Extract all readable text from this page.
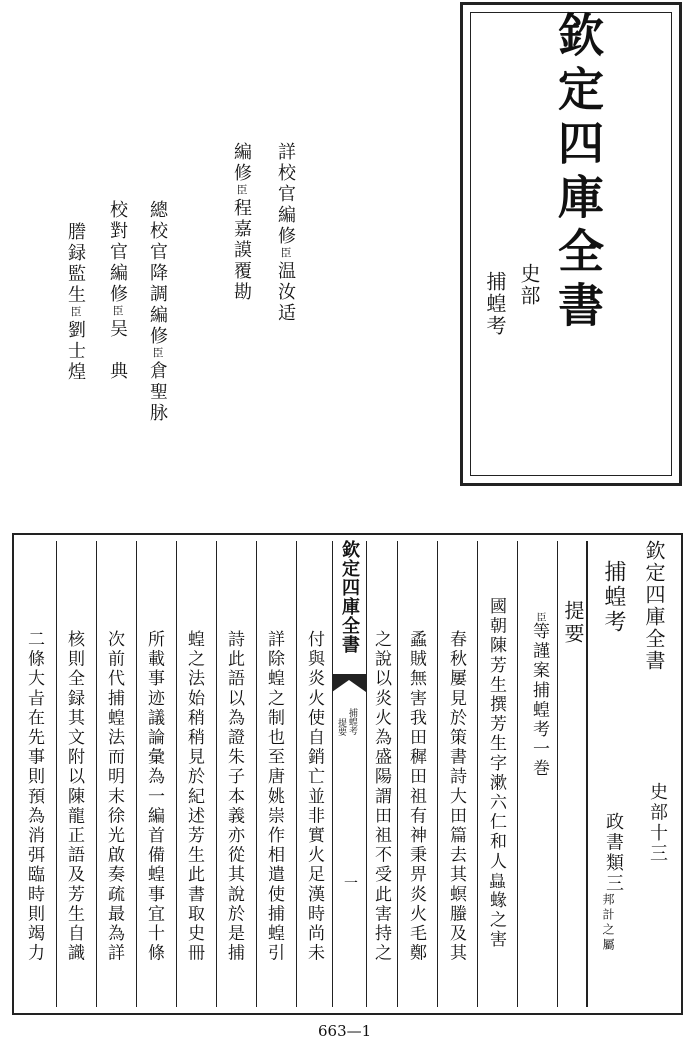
欽定四庫全書
史部
捕蝗考
詳校官編修臣温汝适
編修臣程嘉謨覆勘
總校官降調編修臣倉聖脉
校對官編修臣吴　典
謄録監生臣劉士煌
欽定四庫全書
史部十三
捕蝗考
政書類三
邦計之屬
提要
臣等謹案捕蝗考一巻
國朝陳芳生撰芳生字漱六仁和人𧒂蝝之害
春秋屢見於策書詩大田篇去其螟螣及其
蟊賊無害我田穉田祖有神秉畀炎火毛鄭
之說以炎火為盛陽謂田祖不受此害持之
欽定四庫全書
捕蝗考
提要
一
付與炎火使自銷亡並非實火足漢時尚未
詳除蝗之制也至唐姚崇作相遣使捕蝗引
詩此語以為證朱子本義亦從其說於是捕
蝗之法始稍稍見於紀述芳生此書取史冊
所載事迹議論彙為一編首備蝗事宜十條
次前代捕蝗法而明末徐光啟奏疏最為詳
核則全録其文附以陳龍正語及芳生自識
二條大㫖在先事則預為消弭臨時則竭力
663—1
